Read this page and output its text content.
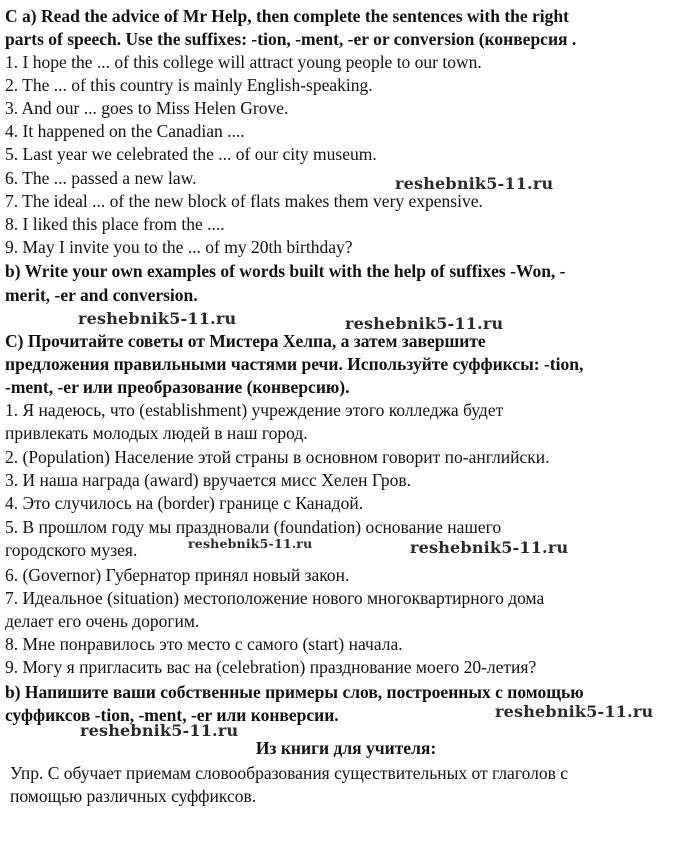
C a) Read the advice of Mr Help, then complete the sentences with the right
parts of speech. Use the suffixes: -tion, -ment, -er or conversion (конверсия .
1. I hope the ... of this college will attract young people to our town.
2. The ... of this country is mainly English-speaking.
3. And our ... goes to Miss Helen Grove.
4. It happened on the Canadian ....
5. Last year we celebrated the ... of our city museum.
6. The ... passed a new law.
7. The ideal ... of the new block of flats makes them very expensive.
8. I liked this place from the ....
9. May I invite you to the ... of my 20th birthday?
b) Write your own examples of words built with the help of suffixes -Won, -
merit, -er and conversion.
С) Прочитайте советы от Мистера Хелпа, а затем завершите
предложения правильными частями речи. Используйте суффиксы: -tion,
-ment, -er или преобразование (конверсию).
1. Я надеюсь, что (establishment) учреждение этого колледжа будет
привлекать молодых людей в наш город.
2. (Population) Население этой страны в основном говорит по-английски.
3. И наша награда (award) вручается мисс Хелен Гров.
4. Это случилось на (border) границе с Канадой.
5. В прошлом году мы праздновали (foundation) основание нашего
городского музея.
6. (Governor) Губернатор принял новый закон.
7. Идеальное (situation) местоположение нового многоквартирного дома
делает его очень дорогим.
8. Мне понравилось это место с самого (start) начала.
9. Могу я пригласить вас на (celebration) празднование моего 20-летия?
b) Напишите ваши собственные примеры слов, построенных с помощью
суффиксов -tion, -ment, -er или конверсии.
Из книги для учителя:
Упр. С обучает приемам словообразования существительных от глаголов с
помощью различных суффиксов.
reshebnik5-11.ru
reshebnik5-11.ru	reshebnik5-11.ru
reshebnik5-11.ru	reshebnik5-11.ru
reshebnik5-11.ru
reshebnik5-11.ru
